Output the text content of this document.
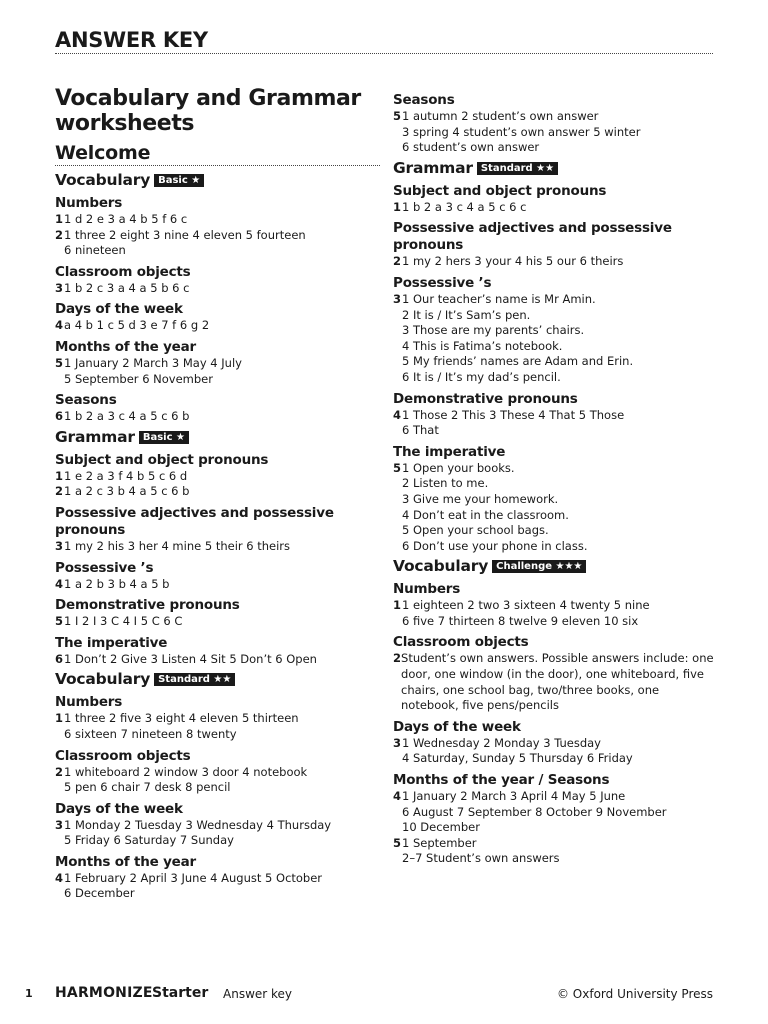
ANSWER KEY
Vocabulary and Grammar
worksheets
Welcome
Vocabulary Basic ★
Numbers
1 1 d 2 e 3 a 4 b 5 f 6 c
2 1 three 2 eight 3 nine 4 eleven 5 fourteen
6 nineteen
Classroom objects
3 1 b 2 c 3 a 4 a 5 b 6 c
Days of the week
4 a 4 b 1 c 5 d 3 e 7 f 6 g 2
Months of the year
5 1 January 2 March 3 May 4 July
5 September 6 November
Seasons
6 1 b 2 a 3 c 4 a 5 c 6 b
Grammar Basic ★
Subject and object pronouns
1 1 e 2 a 3 f 4 b 5 c 6 d
2 1 a 2 c 3 b 4 a 5 c 6 b
Possessive adjectives and possessive pronouns
3 1 my 2 his 3 her 4 mine 5 their 6 theirs
Possessive ’s
4 1 a 2 b 3 b 4 a 5 b
Demonstrative pronouns
5 1 I 2 I 3 C 4 I 5 C 6 C
The imperative
6 1 Don’t 2 Give 3 Listen 4 Sit 5 Don’t 6 Open
Vocabulary Standard ★★
Numbers
1 1 three 2 five 3 eight 4 eleven 5 thirteen
6 sixteen 7 nineteen 8 twenty
Classroom objects
2 1 whiteboard 2 window 3 door 4 notebook
5 pen 6 chair 7 desk 8 pencil
Days of the week
3 1 Monday 2 Tuesday 3 Wednesday 4 Thursday
5 Friday 6 Saturday 7 Sunday
Months of the year
4 1 February 2 April 3 June 4 August 5 October
6 December
Seasons
5 1 autumn 2 student’s own answer
3 spring 4 student’s own answer 5 winter
6 student’s own answer
Grammar Standard ★★
Subject and object pronouns
1 1 b 2 a 3 c 4 a 5 c 6 c
Possessive adjectives and possessive pronouns
2 1 my 2 hers 3 your 4 his 5 our 6 theirs
Possessive ’s
3 1 Our teacher’s name is Mr Amin.
2 It is / It’s Sam’s pen.
3 Those are my parents’ chairs.
4 This is Fatima’s notebook.
5 My friends’ names are Adam and Erin.
6 It is / It’s my dad’s pencil.
Demonstrative pronouns
4 1 Those 2 This 3 These 4 That 5 Those
6 That
The imperative
5 1 Open your books.
2 Listen to me.
3 Give me your homework.
4 Don’t eat in the classroom.
5 Open your school bags.
6 Don’t use your phone in class.
Vocabulary Challenge ★★★
Numbers
1 1 eighteen 2 two 3 sixteen 4 twenty 5 nine
6 five 7 thirteen 8 twelve 9 eleven 10 six
Classroom objects
2 Student’s own answers. Possible answers include: one door, one window (in the door), one whiteboard, five chairs, one school bag, two/three books, one notebook, five pens/pencils
Days of the week
3 1 Wednesday 2 Monday 3 Tuesday
4 Saturday, Sunday 5 Thursday 6 Friday
Months of the year / Seasons
4 1 January 2 March 3 April 4 May 5 June
6 August 7 September 8 October 9 November
10 December
5 1 September
2–7 Student’s own answers
1 HARMONIZE Starter Answer key	© Oxford University Press
